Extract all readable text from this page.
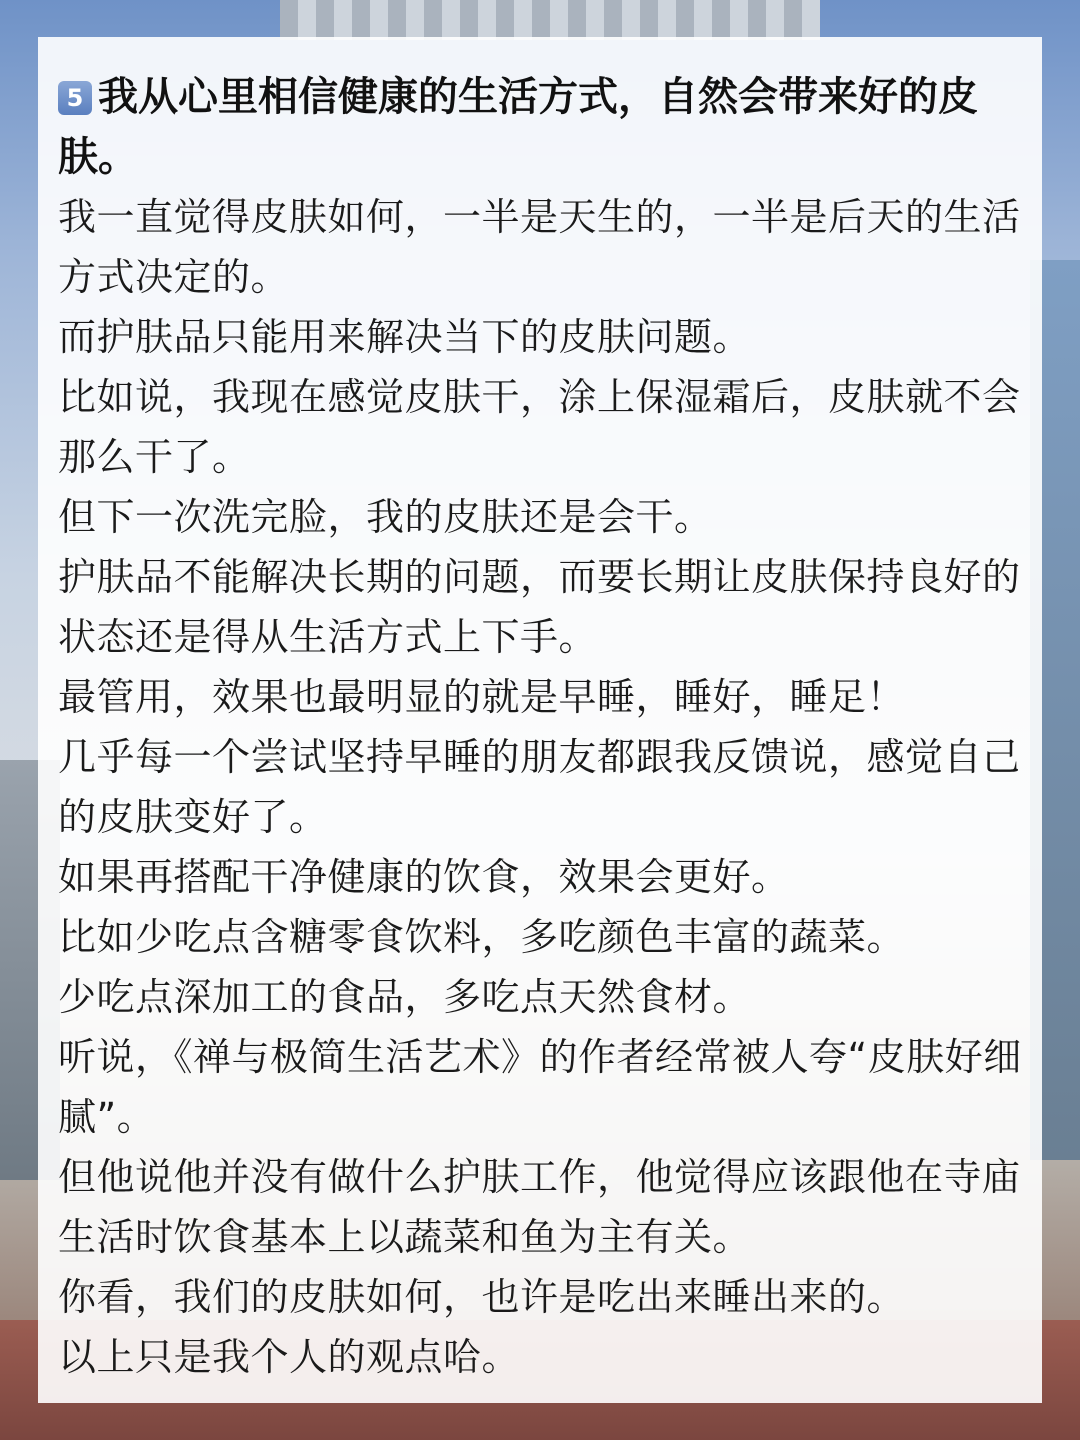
5 我从心里相信健康的生活方式，自然会带来好的皮肤。

我一直觉得皮肤如何，一半是天生的，一半是后天的生活方式决定的。

而护肤品只能用来解决当下的皮肤问题。

比如说，我现在感觉皮肤干，涂上保湿霜后，皮肤就不会那么干了。

但下一次洗完脸，我的皮肤还是会干。

护肤品不能解决长期的问题，而要长期让皮肤保持良好的状态还是得从生活方式上下手。

最管用，效果也最明显的就是早睡，睡好，睡足！

几乎每一个尝试坚持早睡的朋友都跟我反馈说，感觉自己的皮肤变好了。

如果再搭配干净健康的饮食，效果会更好。

比如少吃点含糖零食饮料，多吃颜色丰富的蔬菜。

少吃点深加工的食品，多吃点天然食材。

听说，《禅与极简生活艺术》的作者经常被人夸“皮肤好细腻”。

但他说他并没有做什么护肤工作，他觉得应该跟他在寺庙生活时饮食基本上以蔬菜和鱼为主有关。

你看，我们的皮肤如何，也许是吃出来睡出来的。

以上只是我个人的观点哈。
